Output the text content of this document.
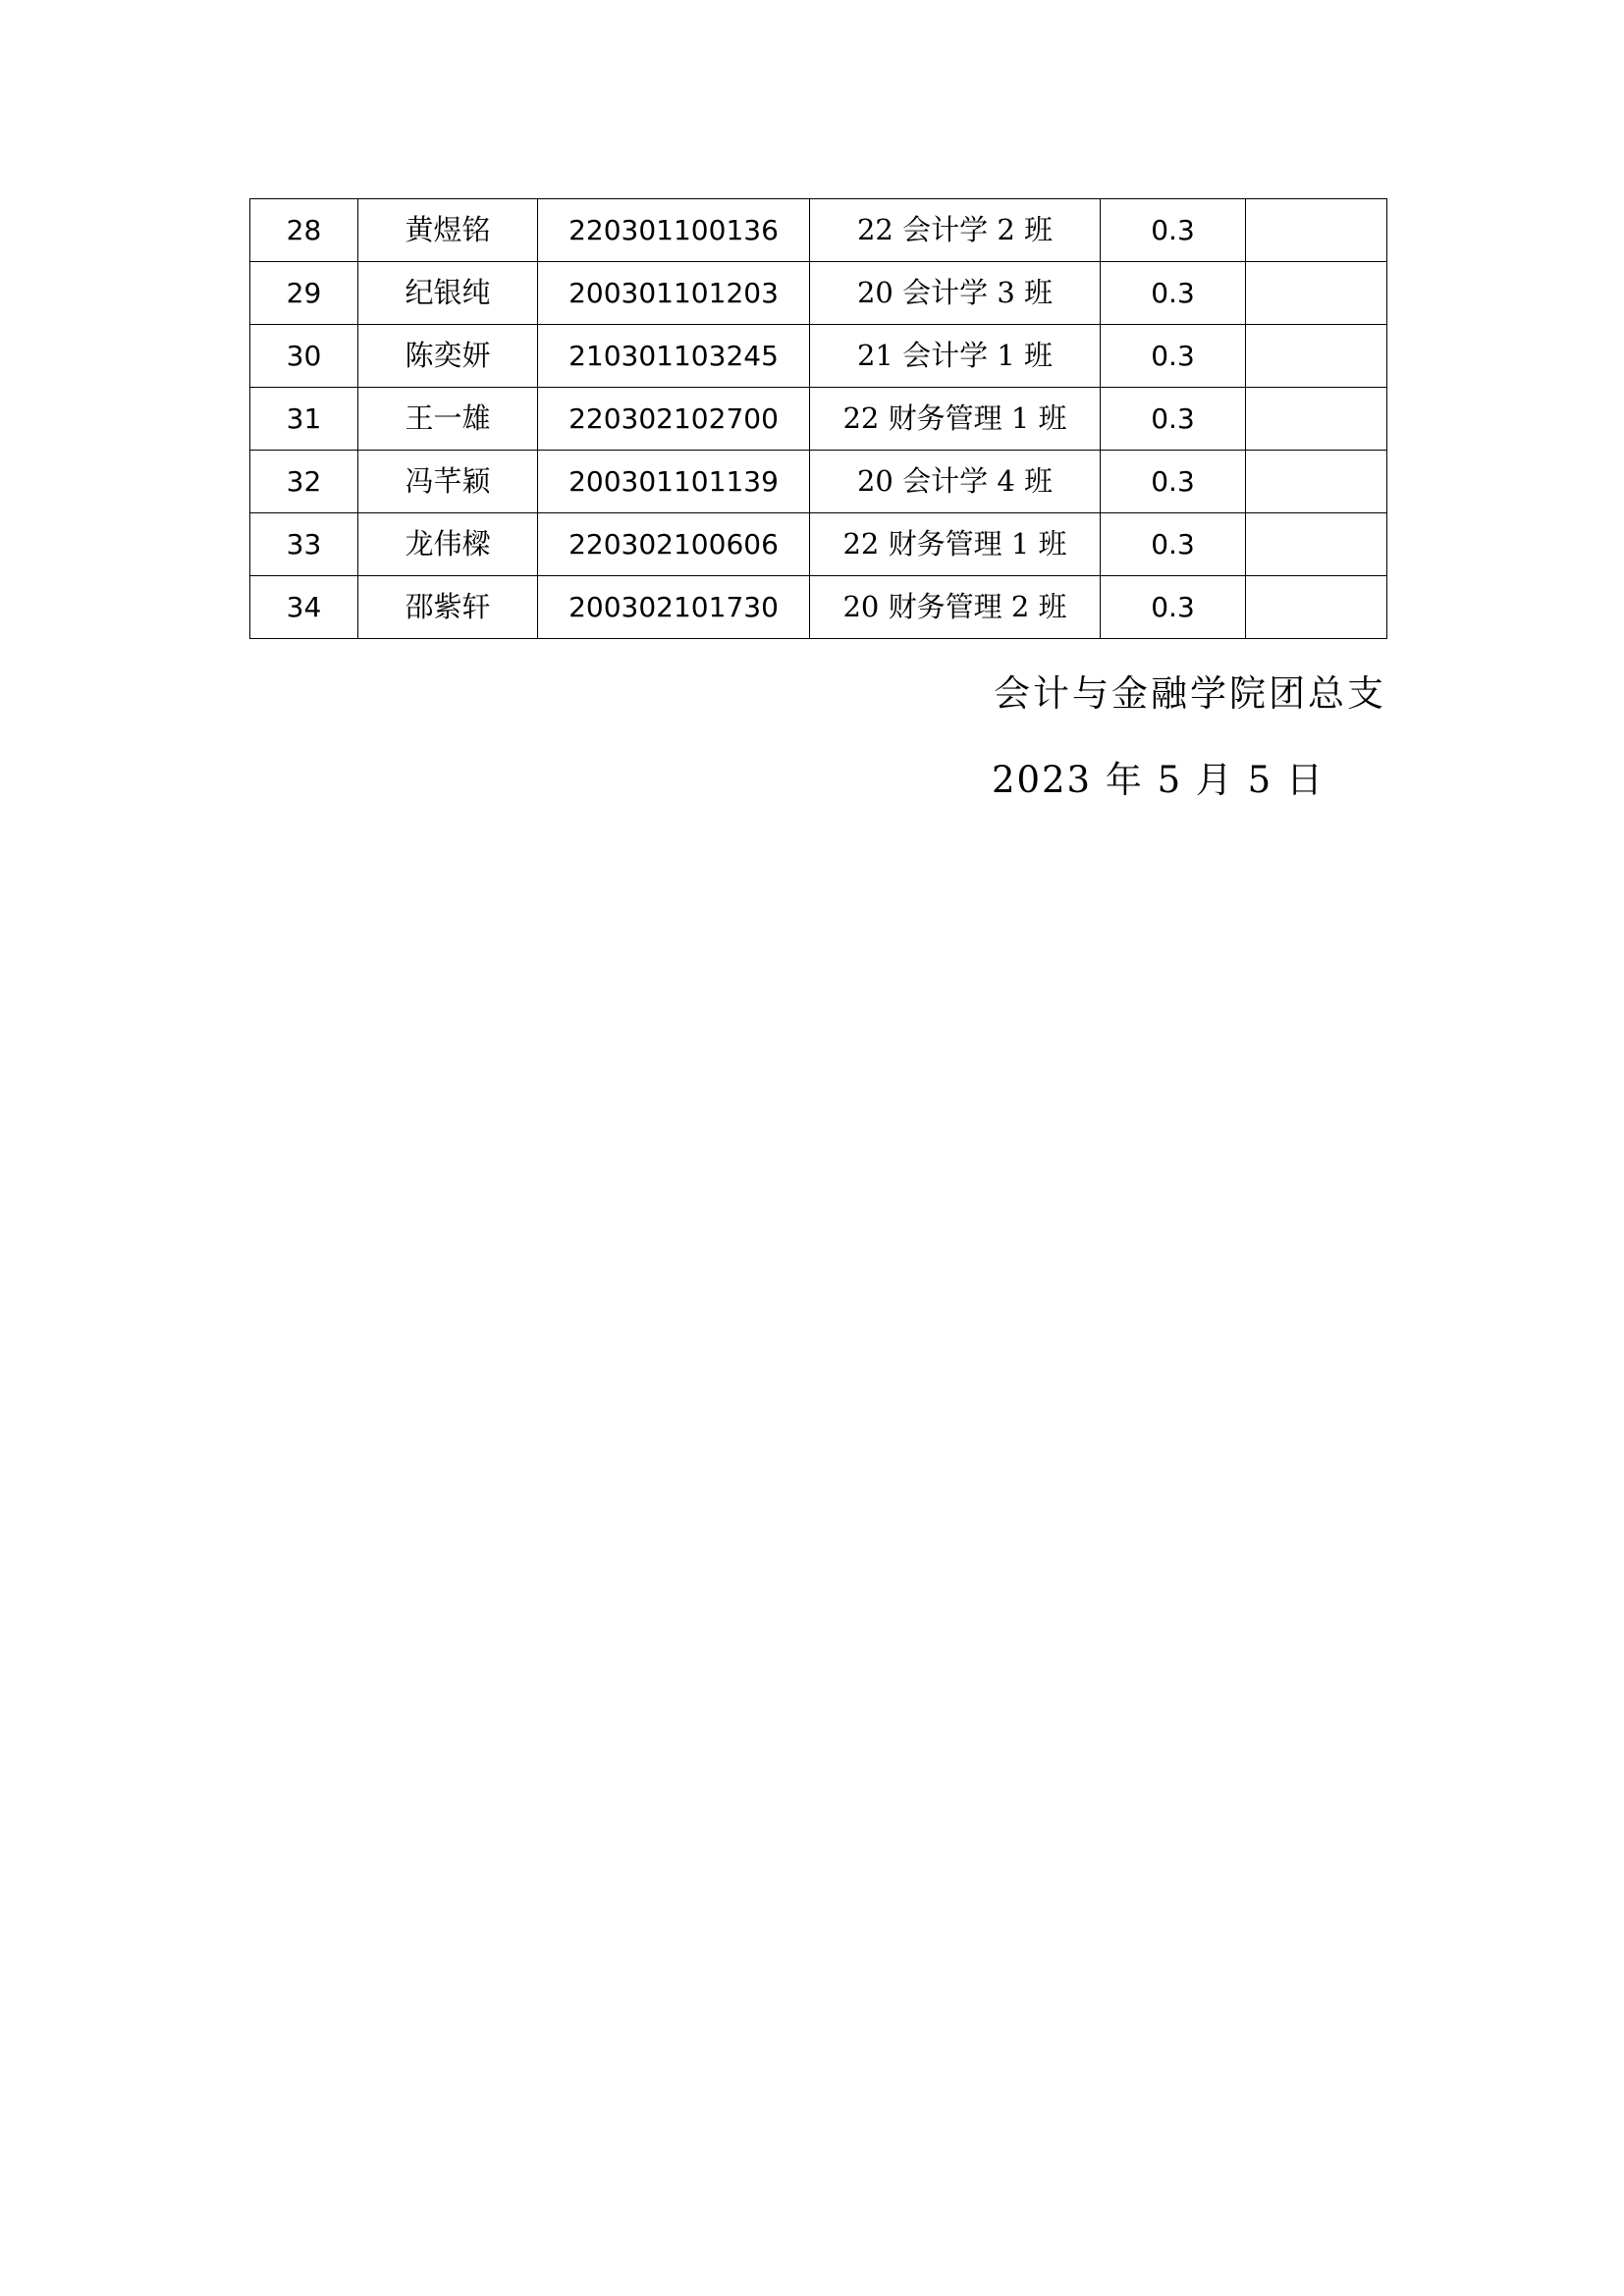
28	黄煜铭	220301100136	22 会计学 2 班	0.3	
29	纪银纯	200301101203	20 会计学 3 班	0.3	
30	陈奕妍	210301103245	21 会计学 1 班	0.3	
31	王一雄	220302102700	22 财务管理 1 班	0.3	
32	冯芊颖	200301101139	20 会计学 4 班	0.3	
33	龙伟樑	220302100606	22 财务管理 1 班	0.3	
34	邵紫轩	200302101730	20 财务管理 2 班	0.3	
会计与金融学院团总支
2023 年 5 月 5 日
